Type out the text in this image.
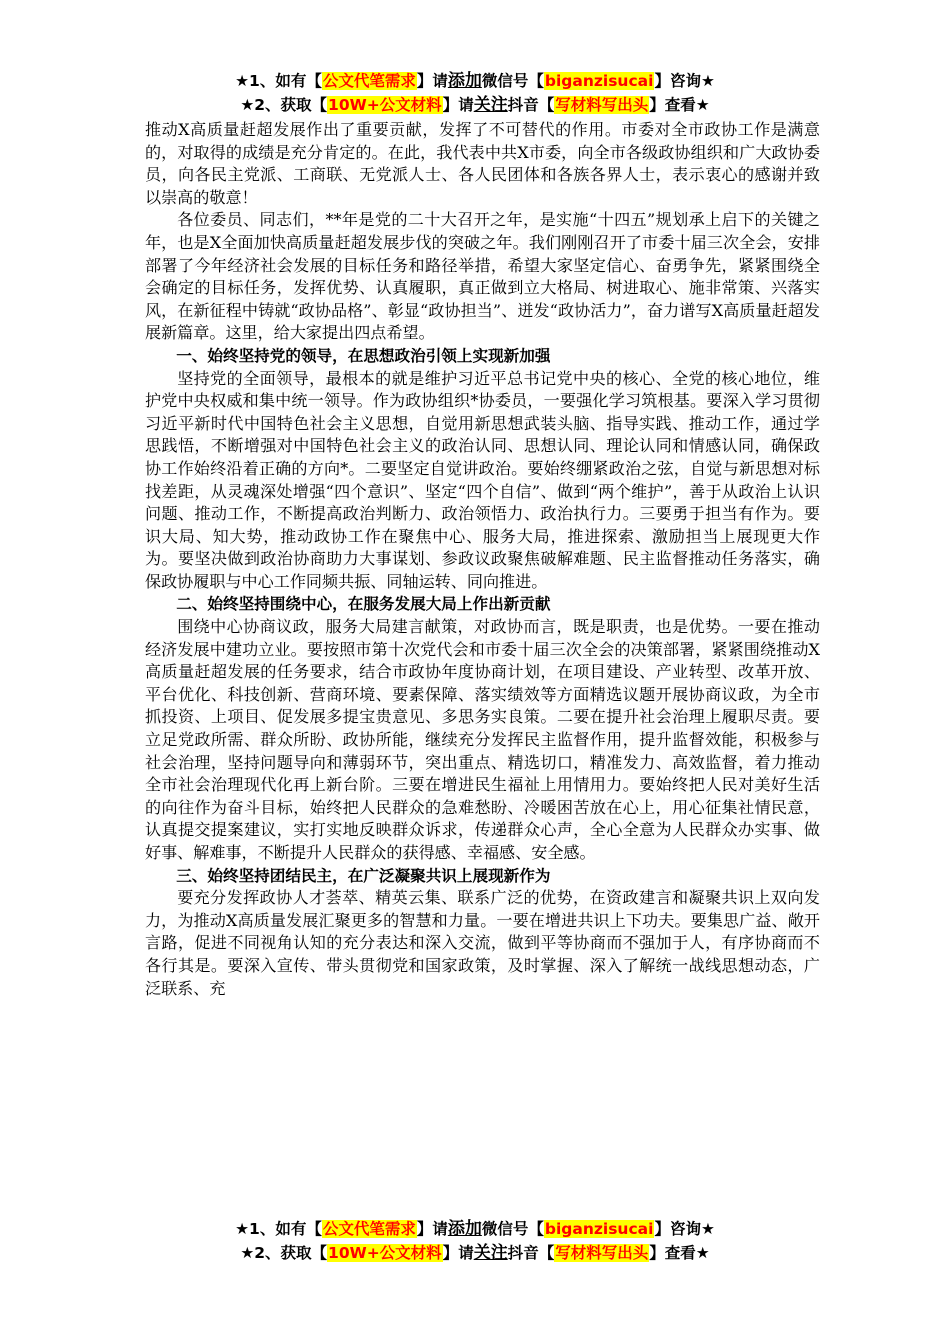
★1、如有【公文代笔需求】请添加微信号【biganzisucai】咨询★
★2、获取【10W+公文材料】请关注抖音【写材料写出头】查看★

推动X高质量赶超发展作出了重要贡献，发挥了不可替代的作用。市委对全市政协工作是满意的，对取得的成绩是充分肯定的。在此，我代表中共X市委，向全市各级政协组织和广大政协委员，向各民主党派、工商联、无党派人士、各人民团体和各族各界人士，表示衷心的感谢并致以崇高的敬意！

各位委员、同志们，**年是党的二十大召开之年，是实施“十四五”规划承上启下的关键之年，也是X全面加快高质量赶超发展步伐的突破之年。我们刚刚召开了市委十届三次全会，安排部署了今年经济社会发展的目标任务和路径举措，希望大家坚定信心、奋勇争先，紧紧围绕全会确定的目标任务，发挥优势、认真履职，真正做到立大格局、树进取心、施非常策、兴落实风，在新征程中铸就“政协品格”、彰显“政协担当”、迸发“政协活力”，奋力谱写X高质量赶超发展新篇章。这里，给大家提出四点希望。

一、始终坚持党的领导，在思想政治引领上实现新加强

坚持党的全面领导，最根本的就是维护习近平总书记党中央的核心、全党的核心地位，维护党中央权威和集中统一领导。作为政协组织*协委员，一要强化学习筑根基。要深入学习贯彻习近平新时代中国特色社会主义思想，自觉用新思想武装头脑、指导实践、推动工作，通过学思践悟，不断增强对中国特色社会主义的政治认同、思想认同、理论认同和情感认同，确保政协工作始终沿着正确的方向*。二要坚定自觉讲政治。要始终绷紧政治之弦，自觉与新思想对标找差距，从灵魂深处增强“四个意识”、坚定“四个自信”、做到“两个维护”，善于从政治上认识问题、推动工作，不断提高政治判断力、政治领悟力、政治执行力。三要勇于担当有作为。要识大局、知大势，推动政协工作在聚焦中心、服务大局，推进探索、激励担当上展现更大作为。要坚决做到政治协商助力大事谋划、参政议政聚焦破解难题、民主监督推动任务落实，确保政协履职与中心工作同频共振、同轴运转、同向推进。

二、始终坚持围绕中心，在服务发展大局上作出新贡献

围绕中心协商议政，服务大局建言献策，对政协而言，既是职责，也是优势。一要在推动经济发展中建功立业。要按照市第十次党代会和市委十届三次全会的决策部署，紧紧围绕推动X高质量赶超发展的任务要求，结合市政协年度协商计划，在项目建设、产业转型、改革开放、平台优化、科技创新、营商环境、要素保障、落实绩效等方面精选议题开展协商议政，为全市抓投资、上项目、促发展多提宝贵意见、多思务实良策。二要在提升社会治理上履职尽责。要立足党政所需、群众所盼、政协所能，继续充分发挥民主监督作用，提升监督效能，积极参与社会治理，坚持问题导向和薄弱环节，突出重点、精选切口，精准发力、高效监督，着力推动全市社会治理现代化再上新台阶。三要在增进民生福祉上用情用力。要始终把人民对美好生活的向往作为奋斗目标，始终把人民群众的急难愁盼、冷暖困苦放在心上，用心征集社情民意，认真提交提案建议，实打实地反映群众诉求，传递群众心声，全心全意为人民群众办实事、做好事、解难事，不断提升人民群众的获得感、幸福感、安全感。

三、始终坚持团结民主，在广泛凝聚共识上展现新作为

要充分发挥政协人才荟萃、精英云集、联系广泛的优势，在资政建言和凝聚共识上双向发力，为推动X高质量发展汇聚更多的智慧和力量。一要在增进共识上下功夫。要集思广益、敞开言路，促进不同视角认知的充分表达和深入交流，做到平等协商而不强加于人，有序协商而不各行其是。要深入宣传、带头贯彻党和国家政策，及时掌握、深入了解统一战线思想动态，广泛联系、充

★1、如有【公文代笔需求】请添加微信号【biganzisucai】咨询★
★2、获取【10W+公文材料】请关注抖音【写材料写出头】查看★
